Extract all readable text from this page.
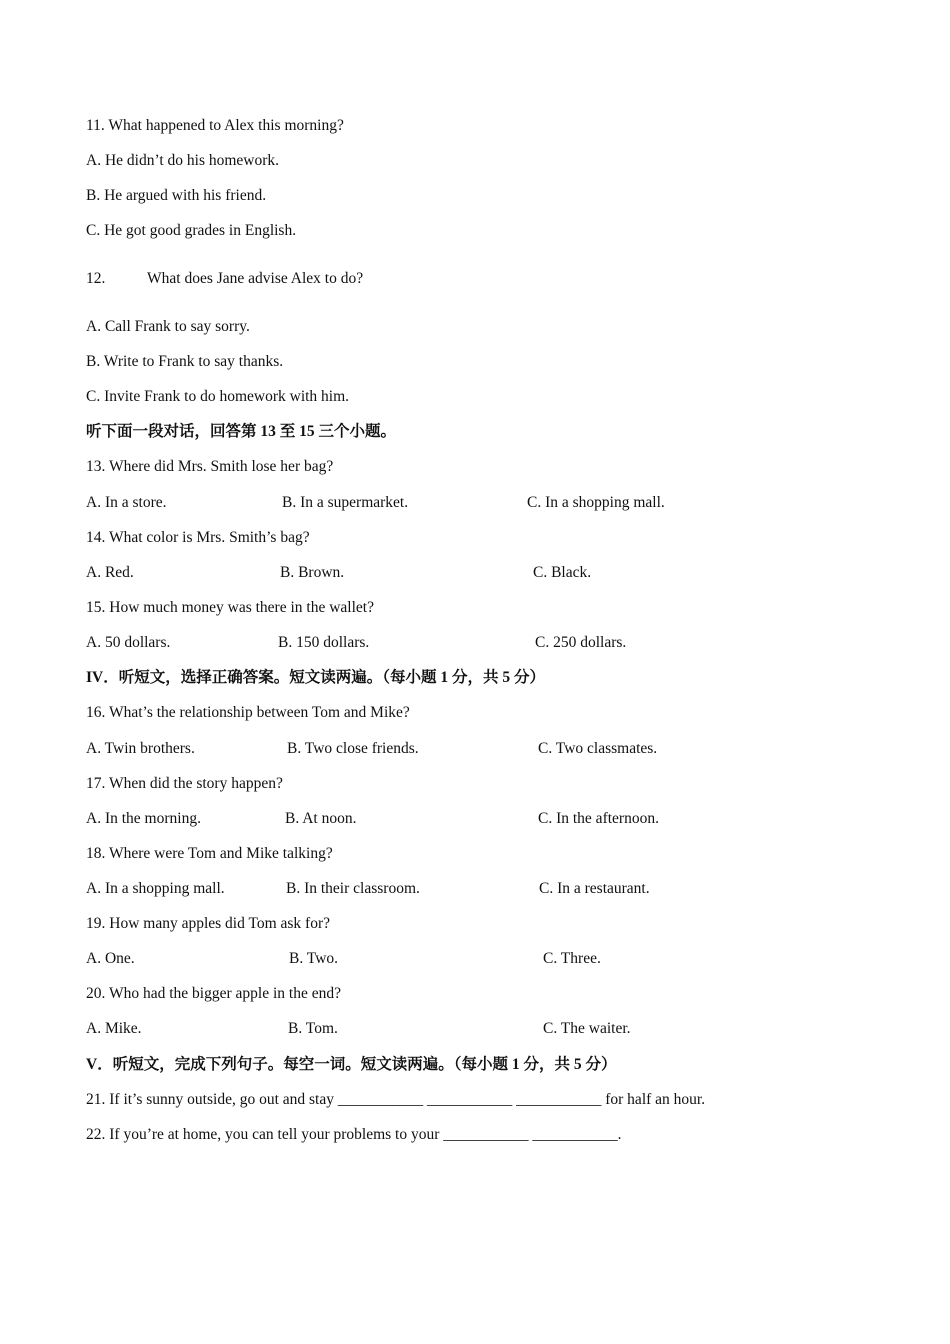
11. What happened to Alex this morning?
A. He didn’t do his homework.
B. He argued with his friend.
C. He got good grades in English.
12.	What does Jane advise Alex to do?
A. Call Frank to say sorry.
B. Write to Frank to say thanks.
C. Invite Frank to do homework with him.
听下面一段对话，回答第 13 至 15 三个小题。
13. Where did Mrs. Smith lose her bag?
A. In a store.	B. In a supermarket.	C. In a shopping mall.
14. What color is Mrs. Smith’s bag?
A. Red.	B. Brown.	C. Black.
15. How much money was there in the wallet?
A. 50 dollars.	B. 150 dollars.	C. 250 dollars.
IV．听短文，选择正确答案。短文读两遍。（每小题 1 分，共 5 分）
16. What’s the relationship between Tom and Mike?
A. Twin brothers.	B. Two close friends.	C. Two classmates.
17. When did the story happen?
A. In the morning.	B. At noon.	C. In the afternoon.
18. Where were Tom and Mike talking?
A. In a shopping mall.	B. In their classroom.	C. In a restaurant.
19. How many apples did Tom ask for?
A. One.	B. Two.	C. Three.
20. Who had the bigger apple in the end?
A. Mike.	B. Tom.	C. The waiter.
V．听短文，完成下列句子。每空一词。短文读两遍。（每小题 1 分，共 5 分）
21. If it’s sunny outside, go out and stay ___________ ___________ ___________ for half an hour.
22. If you’re at home, you can tell your problems to your ___________ ___________.
